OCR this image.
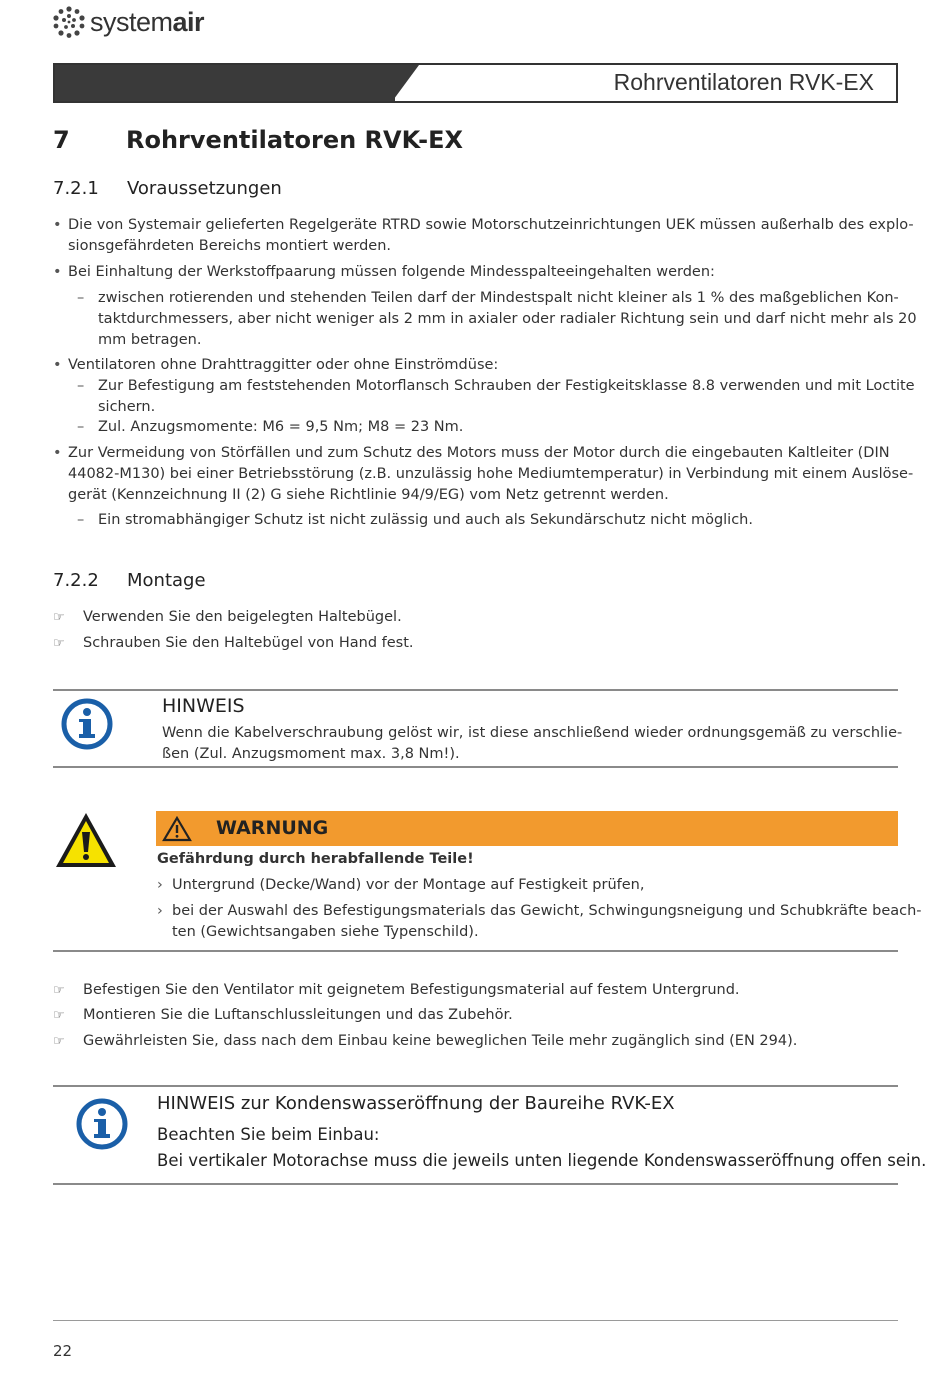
systemair
Rohrventilatoren RVK-EX
7 Rohrventilatoren RVK-EX
7.2.1 Voraussetzungen
• Die von Systemair gelieferten Regelgeräte RTRD sowie Motorschutzeinrichtungen UEK müssen außerhalb des explo-
sionsgefährdeten Bereichs montiert werden.
• Bei Einhaltung der Werkstoffpaarung müssen folgende Mindesspalteeingehalten werden:
– zwischen rotierenden und stehenden Teilen darf der Mindestspalt nicht kleiner als 1 % des maßgeblichen Kon-
taktdurchmessers, aber nicht weniger als 2 mm in axialer oder radialer Richtung sein und darf nicht mehr als 20
mm betragen.
• Ventilatoren ohne Drahttraggitter oder ohne Einströmdüse:
– Zur Befestigung am feststehenden Motorflansch Schrauben der Festigkeitsklasse 8.8 verwenden und mit Loctite
sichern.
– Zul. Anzugsmomente: M6 = 9,5 Nm; M8 = 23 Nm.
• Zur Vermeidung von Störfällen und zum Schutz des Motors muss der Motor durch die eingebauten Kaltleiter (DIN
44082-M130) bei einer Betriebsstörung (z.B. unzulässig hohe Mediumtemperatur) in Verbindung mit einem Auslöse-
gerät (Kennzeichnung II (2) G siehe Richtlinie 94/9/EG) vom Netz getrennt werden.
– Ein stromabhängiger Schutz ist nicht zulässig und auch als Sekundärschutz nicht möglich.
7.2.2 Montage
☞ Verwenden Sie den beigelegten Haltebügel.
☞ Schrauben Sie den Haltebügel von Hand fest.
HINWEIS
Wenn die Kabelverschraubung gelöst wir, ist diese anschließend wieder ordnungsgemäß zu verschlie-
ßen (Zul. Anzugsmoment max. 3,8 Nm!).
WARNUNG
Gefährdung durch herabfallende Teile!
› Untergrund (Decke/Wand) vor der Montage auf Festigkeit prüfen,
› bei der Auswahl des Befestigungsmaterials das Gewicht, Schwingungsneigung und Schubkräfte beach-
ten (Gewichtsangaben siehe Typenschild).
☞ Befestigen Sie den Ventilator mit geignetem Befestigungsmaterial auf festem Untergrund.
☞ Montieren Sie die Luftanschlussleitungen und das Zubehör.
☞ Gewährleisten Sie, dass nach dem Einbau keine beweglichen Teile mehr zugänglich sind (EN 294).
HINWEIS zur Kondenswasseröffnung der Baureihe RVK-EX
Beachten Sie beim Einbau:
Bei vertikaler Motorachse muss die jeweils unten liegende Kondenswasseröffnung offen sein.
22
